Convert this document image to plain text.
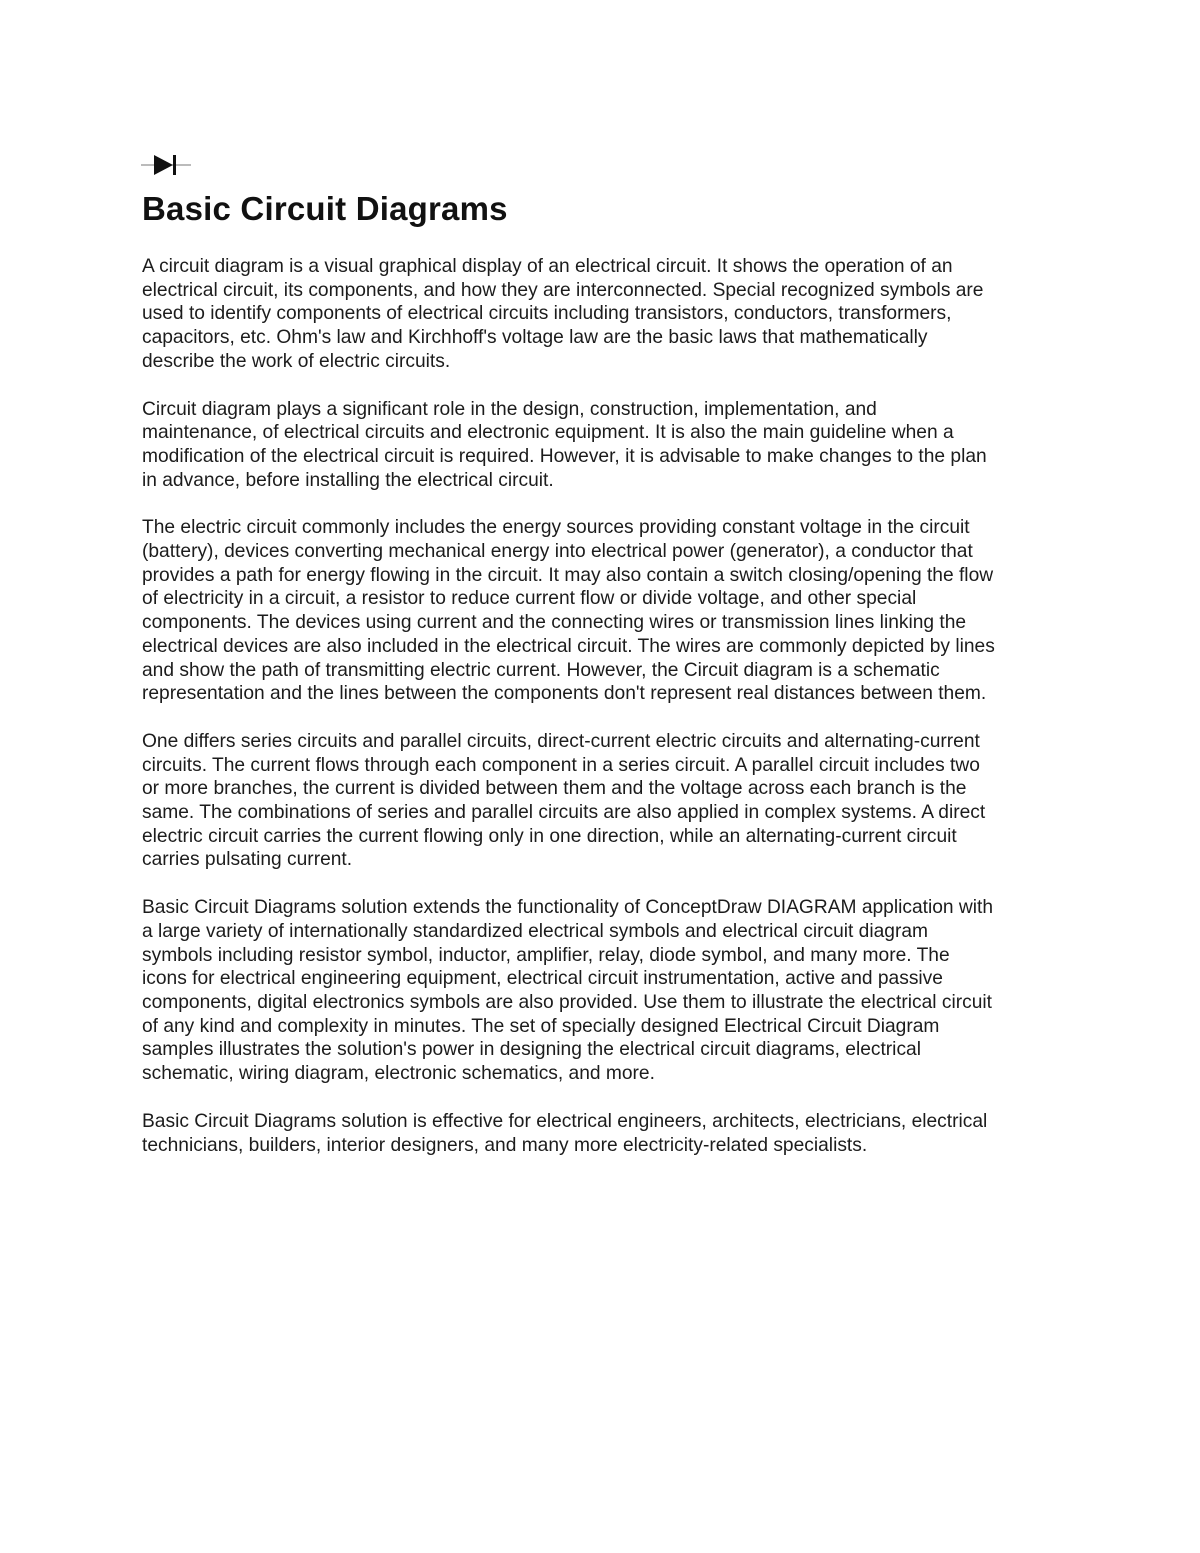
Basic Circuit Diagrams

A circuit diagram is a visual graphical display of an electrical circuit. It shows the operation of an
electrical circuit, its components, and how they are interconnected. Special recognized symbols are
used to identify components of electrical circuits including transistors, conductors, transformers,
capacitors, etc. Ohm's law and Kirchhoff's voltage law are the basic laws that mathematically
describe the work of electric circuits.

Circuit diagram plays a significant role in the design, construction, implementation, and
maintenance, of electrical circuits and electronic equipment. It is also the main guideline when a
modification of the electrical circuit is required. However, it is advisable to make changes to the plan
in advance, before installing the electrical circuit.

The electric circuit commonly includes the energy sources providing constant voltage in the circuit
(battery), devices converting mechanical energy into electrical power (generator), a conductor that
provides a path for energy flowing in the circuit. It may also contain a switch closing/opening the flow
of electricity in a circuit, a resistor to reduce current flow or divide voltage, and other special
components. The devices using current and the connecting wires or transmission lines linking the
electrical devices are also included in the electrical circuit. The wires are commonly depicted by lines
and show the path of transmitting electric current. However, the Circuit diagram is a schematic
representation and the lines between the components don't represent real distances between them.

One differs series circuits and parallel circuits, direct-current electric circuits and alternating-current
circuits. The current flows through each component in a series circuit. A parallel circuit includes two
or more branches, the current is divided between them and the voltage across each branch is the
same. The combinations of series and parallel circuits are also applied in complex systems. A direct
electric circuit carries the current flowing only in one direction, while an alternating-current circuit
carries pulsating current.

Basic Circuit Diagrams solution extends the functionality of ConceptDraw DIAGRAM application with
a large variety of internationally standardized electrical symbols and electrical circuit diagram
symbols including resistor symbol, inductor, amplifier, relay, diode symbol, and many more. The
icons for electrical engineering equipment, electrical circuit instrumentation, active and passive
components, digital electronics symbols are also provided. Use them to illustrate the electrical circuit
of any kind and complexity in minutes. The set of specially designed Electrical Circuit Diagram
samples illustrates the solution's power in designing the electrical circuit diagrams, electrical
schematic, wiring diagram, electronic schematics, and more.

Basic Circuit Diagrams solution is effective for electrical engineers, architects, electricians, electrical
technicians, builders, interior designers, and many more electricity-related specialists.
